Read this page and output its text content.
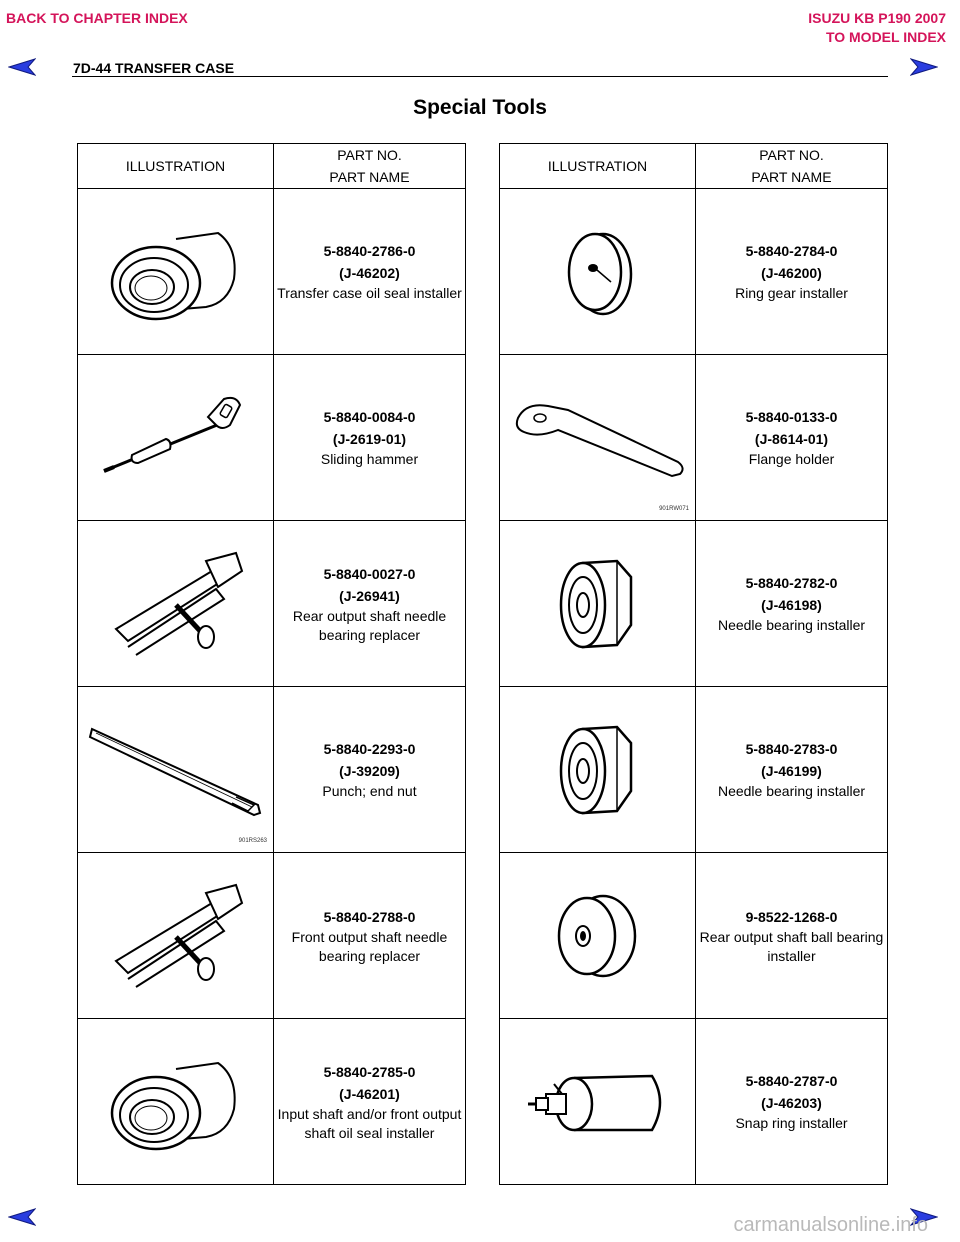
BACK TO CHAPTER INDEX	ISUZU KB P190 2007
TO MODEL INDEX
7D-44 TRANSFER CASE
Special Tools
ILLUSTRATION	PART NO.
PART NAME

5-8840-2786-0
(J-46202)
Transfer case oil seal installer

5-8840-0084-0
(J-2619-01)
Sliding hammer

5-8840-0027-0
(J-26941)
Rear output shaft needle bearing replacer

901RS263	5-8840-2293-0
(J-39209)
Punch; end nut

5-8840-2788-0
Front output shaft needle bearing replacer

5-8840-2785-0
(J-46201)
Input shaft and/or front output shaft oil seal installer
ILLUSTRATION	PART NO.
PART NAME

5-8840-2784-0
(J-46200)
Ring gear installer

901RW071	5-8840-0133-0
(J-8614-01)
Flange holder

5-8840-2782-0
(J-46198)
Needle bearing installer

5-8840-2783-0
(J-46199)
Needle bearing installer

9-8522-1268-0
Rear output shaft ball bearing installer

5-8840-2787-0
(J-46203)
Snap ring installer
carmanualsonline.info
